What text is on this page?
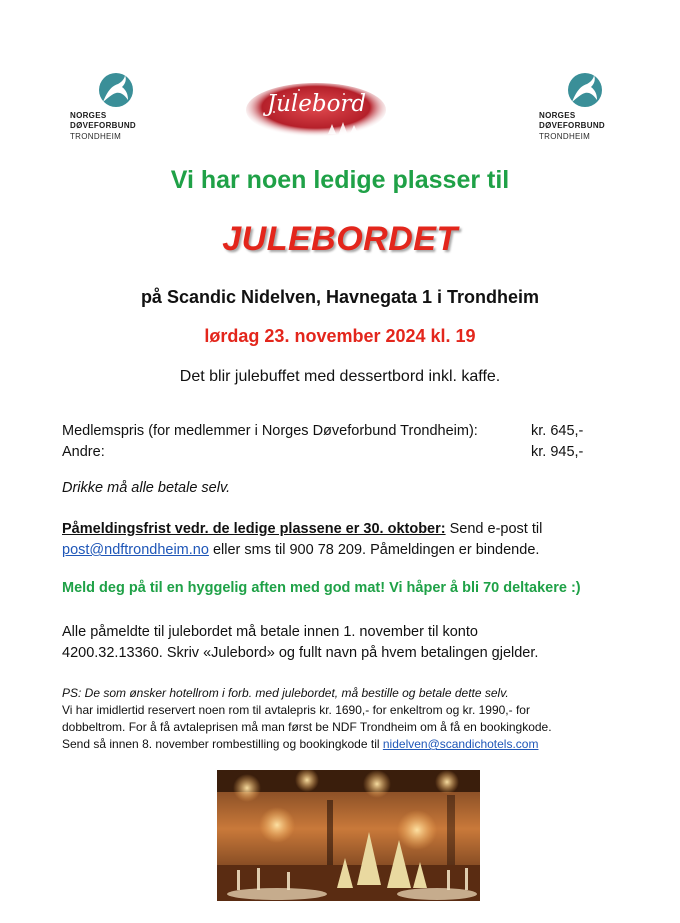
NORGES
DØVEFORBUND
TRONDHEIM
Julebord	NORGES
DØVEFORBUND
TRONDHEIM
Vi har noen ledige plasser til
JULEBORDET
på Scandic Nidelven, Havnegata 1 i Trondheim
lørdag 23. november 2024 kl. 19
Det blir julebuffet med dessertbord inkl. kaffe.
Medlemspris (for medlemmer i Norges Døveforbund Trondheim):	kr. 645,-
Andre:	kr. 945,-
Drikke må alle betale selv.
Påmeldingsfrist vedr. de ledige plassene er 30. oktober: Send e-post til
post@ndftrondheim.no eller sms til 900 78 209. Påmeldingen er bindende.
Meld deg på til en hyggelig aften med god mat! Vi håper å bli 70 deltakere :)
Alle påmeldte til julebordet må betale innen 1. november til konto
4200.32.13360. Skriv «Julebord» og fullt navn på hvem betalingen gjelder.
PS: De som ønsker hotellrom i forb. med julebordet, må bestille og betale dette selv.
Vi har imidlertid reservert noen rom til avtalepris kr. 1690,- for enkeltrom og kr. 1990,- for
dobbeltrom. For å få avtaleprisen må man først be NDF Trondheim om å få en bookingkode.
Send så innen 8. november rombestilling og bookingkode til nidelven@scandichotels.com
